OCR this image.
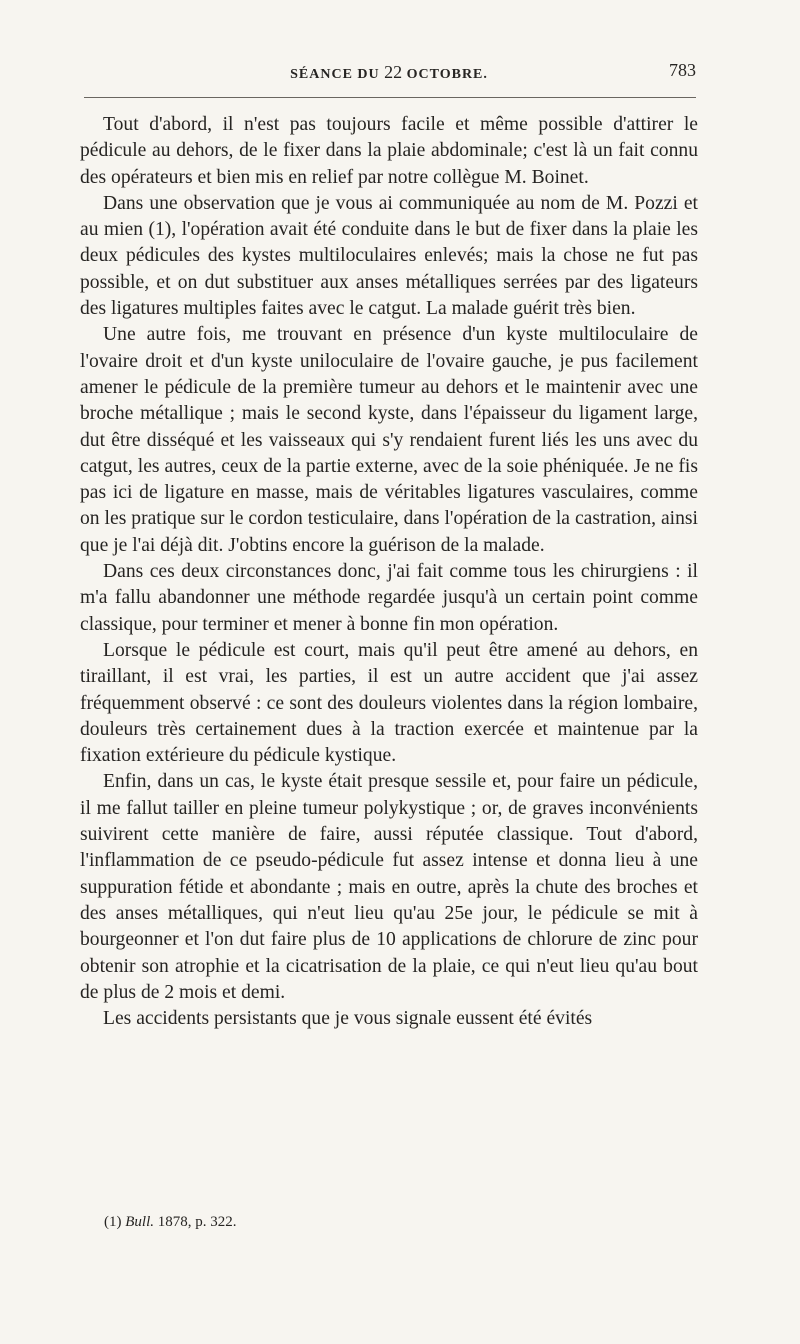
SÉANCE DU 22 OCTOBRE.	783

Tout d'abord, il n'est pas toujours facile et même possible d'attirer le pédicule au dehors, de le fixer dans la plaie abdominale; c'est là un fait connu des opérateurs et bien mis en relief par notre collègue M. Boinet.

Dans une observation que je vous ai communiquée au nom de M. Pozzi et au mien (1), l'opération avait été conduite dans le but de fixer dans la plaie les deux pédicules des kystes multiloculaires enlevés; mais la chose ne fut pas possible, et on dut substituer aux anses métalliques serrées par des ligateurs des ligatures multiples faites avec le catgut. La malade guérit très bien.

Une autre fois, me trouvant en présence d'un kyste multiloculaire de l'ovaire droit et d'un kyste uniloculaire de l'ovaire gauche, je pus facilement amener le pédicule de la première tumeur au dehors et le maintenir avec une broche métallique ; mais le second kyste, dans l'épaisseur du ligament large, dut être disséqué et les vaisseaux qui s'y rendaient furent liés les uns avec du catgut, les autres, ceux de la partie externe, avec de la soie phéniquée. Je ne fis pas ici de ligature en masse, mais de véritables ligatures vasculaires, comme on les pratique sur le cordon testiculaire, dans l'opération de la castration, ainsi que je l'ai déjà dit. J'obtins encore la guérison de la malade.

Dans ces deux circonstances donc, j'ai fait comme tous les chirurgiens : il m'a fallu abandonner une méthode regardée jusqu'à un certain point comme classique, pour terminer et mener à bonne fin mon opération.

Lorsque le pédicule est court, mais qu'il peut être amené au dehors, en tiraillant, il est vrai, les parties, il est un autre accident que j'ai assez fréquemment observé : ce sont des douleurs violentes dans la région lombaire, douleurs très certainement dues à la traction exercée et maintenue par la fixation extérieure du pédicule kystique.

Enfin, dans un cas, le kyste était presque sessile et, pour faire un pédicule, il me fallut tailler en pleine tumeur polykystique ; or, de graves inconvénients suivirent cette manière de faire, aussi réputée classique. Tout d'abord, l'inflammation de ce pseudo-pédicule fut assez intense et donna lieu à une suppuration fétide et abondante ; mais en outre, après la chute des broches et des anses métalliques, qui n'eut lieu qu'au 25e jour, le pédicule se mit à bourgeonner et l'on dut faire plus de 10 applications de chlorure de zinc pour obtenir son atrophie et la cicatrisation de la plaie, ce qui n'eut lieu qu'au bout de plus de 2 mois et demi.

Les accidents persistants que je vous signale eussent été évités

(1) Bull. 1878, p. 322.
